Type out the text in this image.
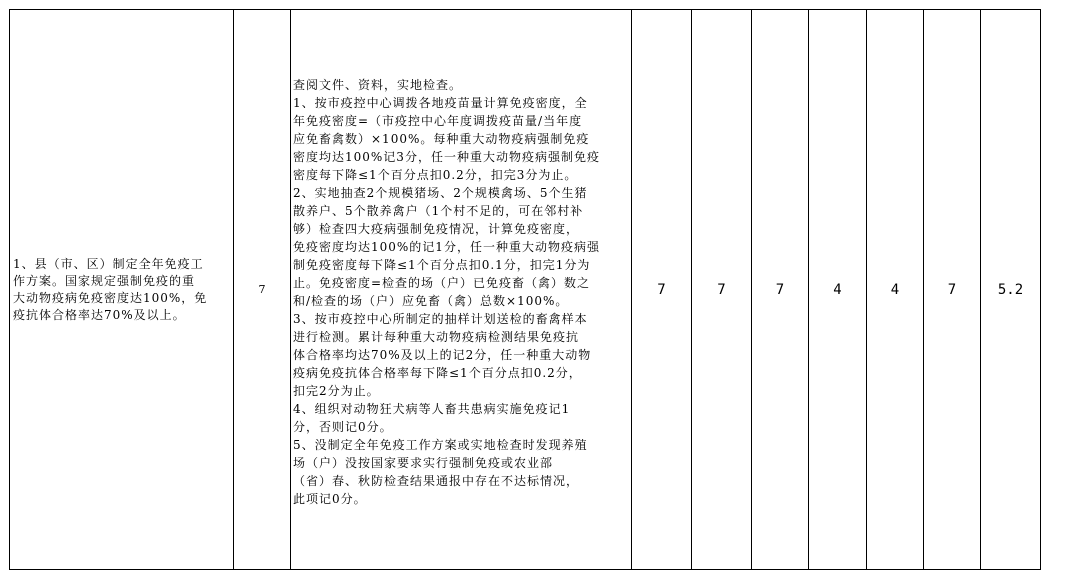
1、县（市、区）制定全年免疫工
作方案。国家规定强制免疫的重
大动物疫病免疫密度达100%，免
疫抗体合格率达70%及以上。
	7	
查阅文件、资料，实地检查。
1、按市疫控中心调拨各地疫苗量计算免疫密度，全
年免疫密度=（市疫控中心年度调拨疫苗量/当年度
应免畜禽数）×100%。每种重大动物疫病强制免疫
密度均达100%记3分，任一种重大动物疫病强制免疫
密度每下降≤1个百分点扣0.2分，扣完3分为止。
2、实地抽查2个规模猪场、2个规模禽场、5个生猪
散养户、5个散养禽户（1个村不足的，可在邻村补
够）检查四大疫病强制免疫情况，计算免疫密度，
免疫密度均达100%的记1分，任一种重大动物疫病强
制免疫密度每下降≤1个百分点扣0.1分，扣完1分为
止。免疫密度=检查的场（户）已免疫畜（禽）数之
和/检查的场（户）应免畜（禽）总数×100%。
3、按市疫控中心所制定的抽样计划送检的畜禽样本
进行检测。累计每种重大动物疫病检测结果免疫抗
体合格率均达70%及以上的记2分，任一种重大动物
疫病免疫抗体合格率每下降≤1个百分点扣0.2分，
扣完2分为止。
4、组织对动物狂犬病等人畜共患病实施免疫记1
分，否则记0分。
5、没制定全年免疫工作方案或实地检查时发现养殖
场（户）没按国家要求实行强制免疫或农业部
（省）春、秋防检查结果通报中存在不达标情况，
此项记0分。
	7	7	7	4	4	7	5.2
